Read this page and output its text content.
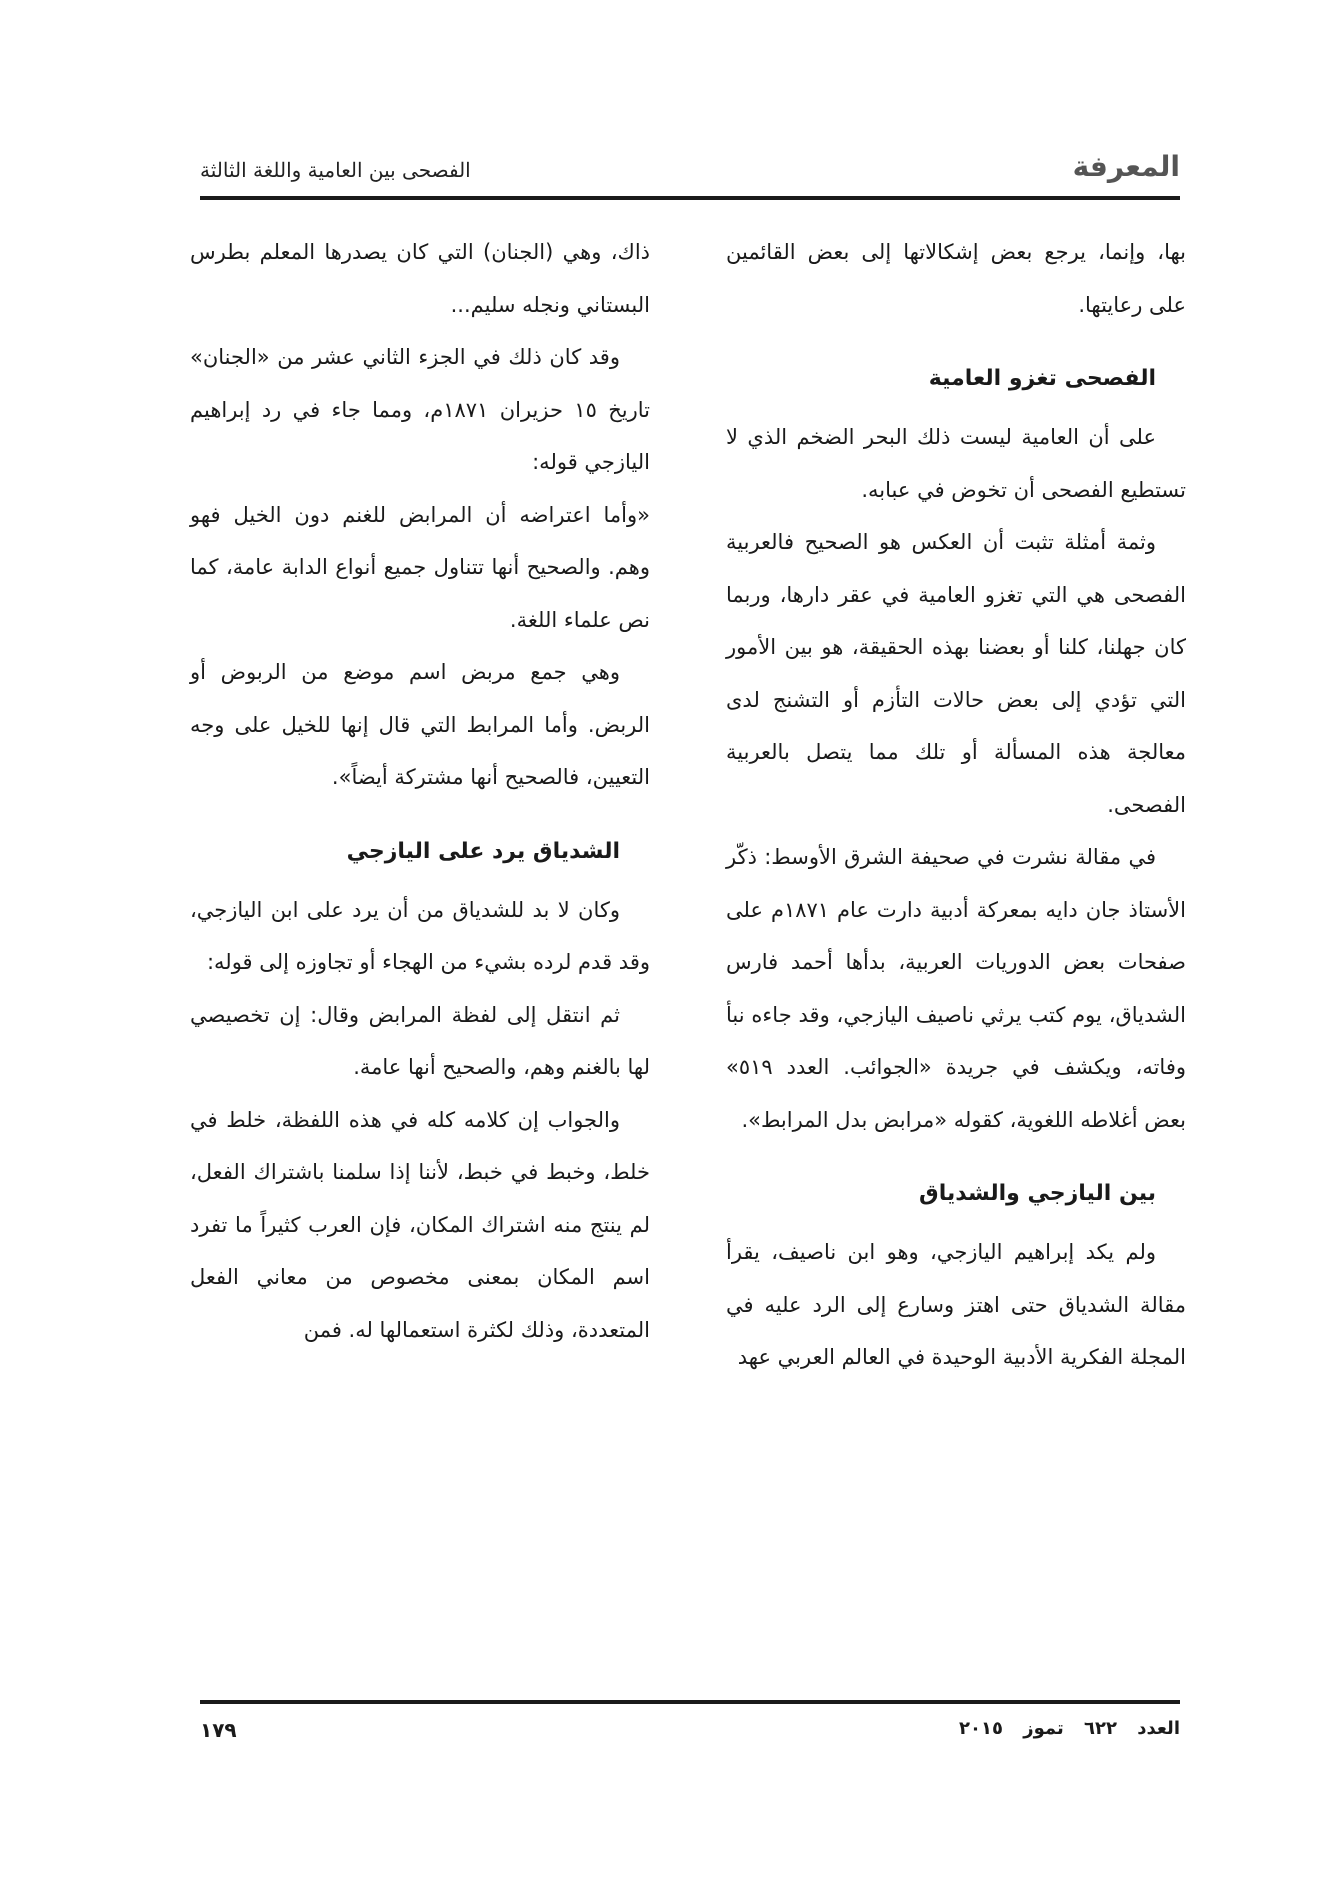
المعرفة
الفصحى بين العامية واللغة الثالثة

بها، وإنما، يرجع بعض إشكالاتها إلى بعض القائمين على رعايتها.

الفصحى تغزو العامية

على أن العامية ليست ذلك البحر الضخم الذي لا تستطيع الفصحى أن تخوض في عبابه.

وثمة أمثلة تثبت أن العكس هو الصحيح فالعربية الفصحى هي التي تغزو العامية في عقر دارها، وربما كان جهلنا، كلنا أو بعضنا بهذه الحقيقة، هو بين الأمور التي تؤدي إلى بعض حالات التأزم أو التشنج لدى معالجة هذه المسألة أو تلك مما يتصل بالعربية الفصحى.

في مقالة نشرت في صحيفة الشرق الأوسط: ذكّر الأستاذ جان دايه بمعركة أدبية دارت عام ١٨٧١م على صفحات بعض الدوريات العربية، بدأها أحمد فارس الشدياق، يوم كتب يرثي ناصيف اليازجي، وقد جاءه نبأ وفاته، ويكشف في جريدة «الجوائب. العدد ٥١٩» بعض أغلاطه اللغوية، كقوله «مرابض بدل المرابط».

بين اليازجي والشدياق

ولم يكد إبراهيم اليازجي، وهو ابن ناصيف، يقرأ مقالة الشدياق حتى اهتز وسارع إلى الرد عليه في المجلة الفكرية الأدبية الوحيدة في العالم العربي عهد

ذاك، وهي (الجنان) التي كان يصدرها المعلم بطرس البستاني ونجله سليم...

وقد كان ذلك في الجزء الثاني عشر من «الجنان» تاريخ ١٥ حزيران ١٨٧١م، ومما جاء في رد إبراهيم اليازجي قوله:

«وأما اعتراضه أن المرابض للغنم دون الخيل فهو وهم. والصحيح أنها تتناول جميع أنواع الدابة عامة، كما نص علماء اللغة.

وهي جمع مربض اسم موضع من الربوض أو الربض. وأما المرابط التي قال إنها للخيل على وجه التعيين، فالصحيح أنها مشتركة أيضاً».

الشدياق يرد على اليازجي

وكان لا بد للشدياق من أن يرد على ابن اليازجي، وقد قدم لرده بشيء من الهجاء أو تجاوزه إلى قوله:

ثم انتقل إلى لفظة المرابض وقال: إن تخصيصي لها بالغنم وهم، والصحيح أنها عامة.

والجواب إن كلامه كله في هذه اللفظة، خلط في خلط، وخبط في خبط، لأننا إذا سلمنا باشتراك الفعل، لم ينتج منه اشتراك المكان، فإن العرب كثيراً ما تفرد اسم المكان بمعنى مخصوص من معاني الفعل المتعددة، وذلك لكثرة استعمالها له. فمن

العدد ٦٢٢ تموز ٢٠١٥
١٧٩
